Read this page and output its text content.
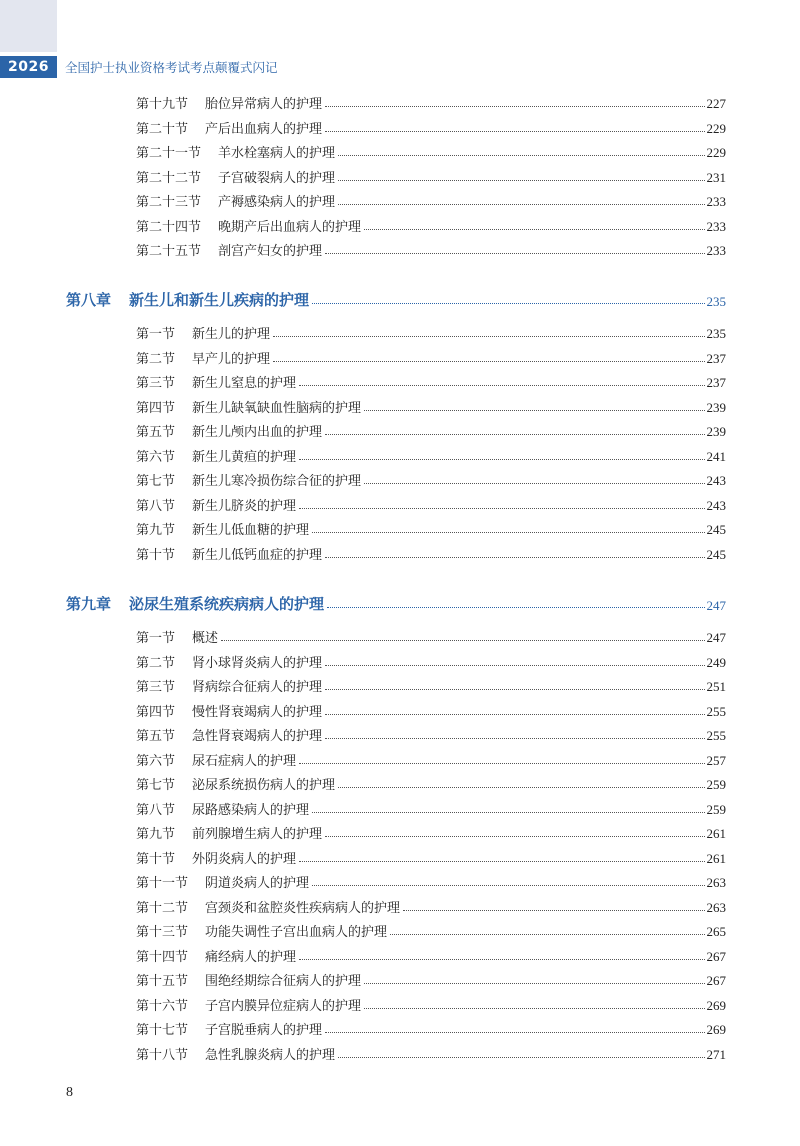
2026	全国护士执业资格考试考点颠覆式闪记
第十九节 胎位异常病人的护理	227
第二十节 产后出血病人的护理	229
第二十一节 羊水栓塞病人的护理	229
第二十二节 子宫破裂病人的护理	231
第二十三节 产褥感染病人的护理	233
第二十四节 晚期产后出血病人的护理	233
第二十五节 剖宫产妇女的护理	233
第八章 新生儿和新生儿疾病的护理	235
第一节 新生儿的护理	235
第二节 早产儿的护理	237
第三节 新生儿窒息的护理	237
第四节 新生儿缺氧缺血性脑病的护理	239
第五节 新生儿颅内出血的护理	239
第六节 新生儿黄疸的护理	241
第七节 新生儿寒冷损伤综合征的护理	243
第八节 新生儿脐炎的护理	243
第九节 新生儿低血糖的护理	245
第十节 新生儿低钙血症的护理	245
第九章 泌尿生殖系统疾病病人的护理	247
第一节 概述	247
第二节 肾小球肾炎病人的护理	249
第三节 肾病综合征病人的护理	251
第四节 慢性肾衰竭病人的护理	255
第五节 急性肾衰竭病人的护理	255
第六节 尿石症病人的护理	257
第七节 泌尿系统损伤病人的护理	259
第八节 尿路感染病人的护理	259
第九节 前列腺增生病人的护理	261
第十节 外阴炎病人的护理	261
第十一节 阴道炎病人的护理	263
第十二节 宫颈炎和盆腔炎性疾病病人的护理	263
第十三节 功能失调性子宫出血病人的护理	265
第十四节 痛经病人的护理	267
第十五节 围绝经期综合征病人的护理	267
第十六节 子宫内膜异位症病人的护理	269
第十七节 子宫脱垂病人的护理	269
第十八节 急性乳腺炎病人的护理	271
8
